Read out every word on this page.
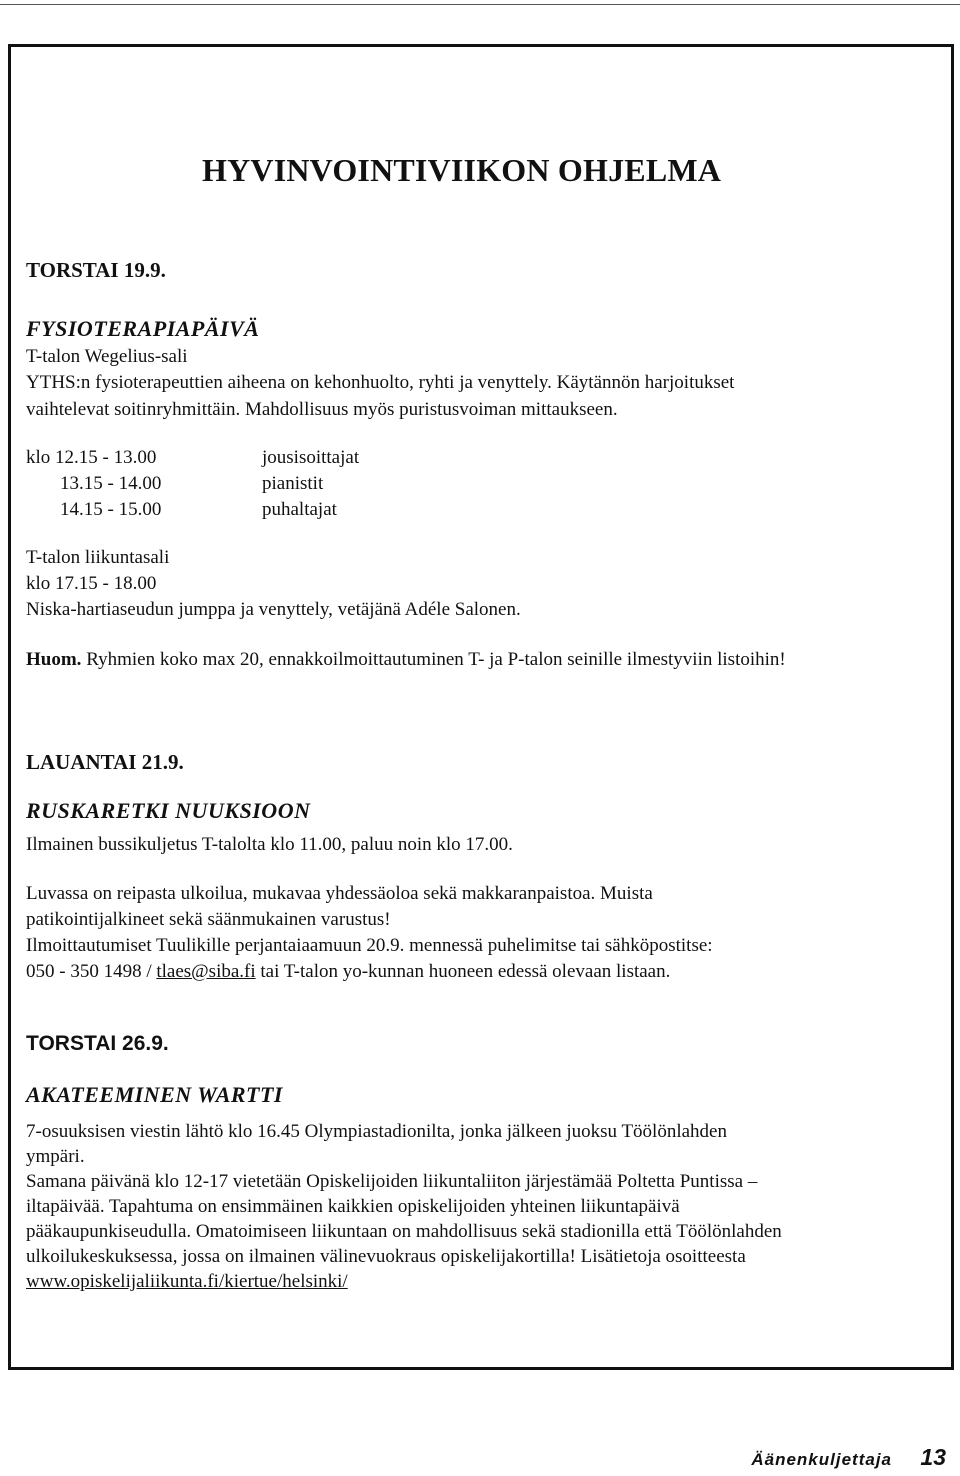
HYVINVOINTIVIIKON OHJELMA
TORSTAI 19.9.
FYSIOTERAPIAPÄIVÄ
T-talon Wegelius-sali
YTHS:n fysioterapeuttien aiheena on kehonhuolto, ryhti ja venyttely. Käytännön harjoitukset
vaihtelevat soitinryhmittäin. Mahdollisuus myös puristusvoiman mittaukseen.
klo 12.15 - 13.00	jousisoittajat
13.15 - 14.00	pianistit
14.15 - 15.00	puhaltajat
T-talon liikuntasali
klo 17.15 - 18.00
Niska-hartiaseudun jumppa ja venyttely, vetäjänä Adéle Salonen.
Huom. Ryhmien koko max 20, ennakkoilmoittautuminen T- ja P-talon seinille ilmestyviin listoihin!
LAUANTAI 21.9.
RUSKARETKI NUUKSIOON
Ilmainen bussikuljetus T-talolta klo 11.00, paluu noin klo 17.00.
Luvassa on reipasta ulkoilua, mukavaa yhdessäoloa sekä makkaranpaistoa. Muista
patikointijalkineet sekä säänmukainen varustus!
Ilmoittautumiset Tuulikille perjantaiaamuun 20.9. mennessä puhelimitse tai sähköpostitse:
050 - 350 1498 / tlaes@siba.fi tai T-talon yo-kunnan huoneen edessä olevaan listaan.
TORSTAI 26.9.
AKATEEMINEN WARTTI
7-osuuksisen viestin lähtö klo 16.45 Olympiastadionilta, jonka jälkeen juoksu Töölönlahden
ympäri.
Samana päivänä klo 12-17 vietetään Opiskelijoiden liikuntaliiton järjestämää Poltetta Puntissa –
iltapäivää. Tapahtuma on ensimmäinen kaikkien opiskelijoiden yhteinen liikuntapäivä
pääkaupunkiseudulla. Omatoimiseen liikuntaan on mahdollisuus sekä stadionilla että Töölönlahden
ulkoilukeskuksessa, jossa on ilmainen välinevuokraus opiskelijakortilla! Lisätietoja osoitteesta
www.opiskelijaliikunta.fi/kiertue/helsinki/
Äänenkuljettaja 13
